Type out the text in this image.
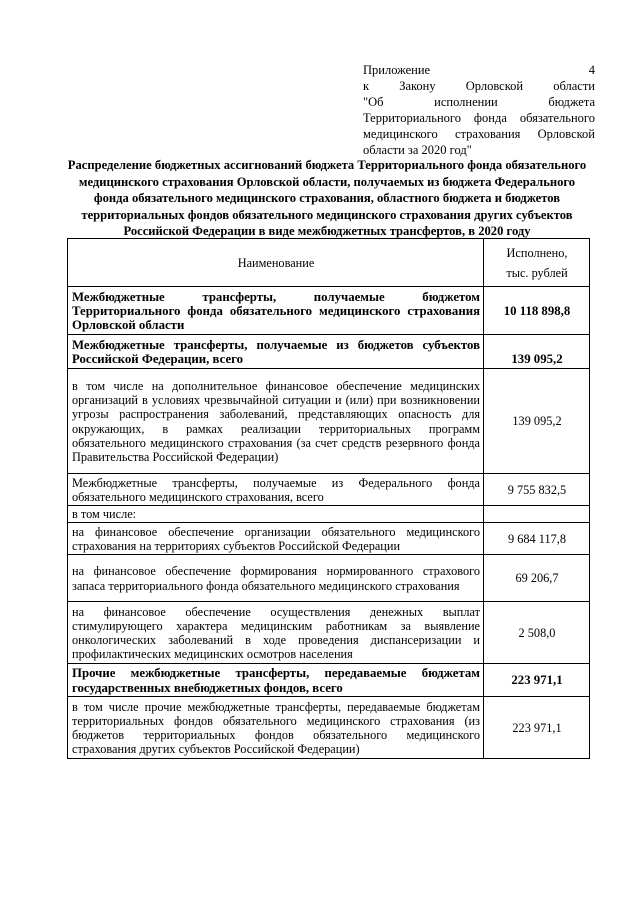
Приложение 4
к Закону Орловской области
"Об исполнении бюджета
Территориального фонда обязательного
медицинского страхования Орловской
области за 2020 год"
Распределение бюджетных ассигнований бюджета Территориального фонда обязательного медицинского страхования Орловской области, получаемых из бюджета Федерального фонда обязательного медицинского страхования, областного бюджета и бюджетов территориальных фондов обязательного медицинского страхования других субъектов Российской Федерации в виде межбюджетных трансфертов, в 2020 году
Наименование	Исполнено,
тыс. рублей

Межбюджетные трансферты, получаемые бюджетом Территориального фонда обязательного медицинского страхования Орловской области	10 118 898,8
Межбюджетные трансферты, получаемые из бюджетов субъектов Российской Федерации, всего	139 095,2
в том числе на дополнительное финансовое обеспечение медицинских организаций в условиях чрезвычайной ситуации и (или) при возникновении угрозы распространения заболеваний, представляющих опасность для окружающих, в рамках реализации территориальных программ обязательного медицинского страхования (за счет средств резервного фонда Правительства Российской Федерации)	139 095,2
Межбюджетные трансферты, получаемые из Федерального фонда обязательного медицинского страхования, всего	9 755 832,5
в том числе:	
на финансовое обеспечение организации обязательного медицинского страхования на территориях субъектов Российской Федерации	9 684 117,8
на финансовое обеспечение формирования нормированного страхового запаса территориального фонда обязательного медицинского страхования	69 206,7
на финансовое обеспечение осуществления денежных выплат стимулирующего характера медицинским работникам за выявление онкологических заболеваний в ходе проведения диспансеризации и профилактических медицинских осмотров населения	2 508,0
Прочие межбюджетные трансферты, передаваемые бюджетам государственных внебюджетных фондов, всего	223 971,1
в том числе прочие межбюджетные трансферты, передаваемые бюджетам территориальных фондов обязательного медицинского страхования (из бюджетов территориальных фондов обязательного медицинского страхования других субъектов Российской Федерации)	223 971,1
